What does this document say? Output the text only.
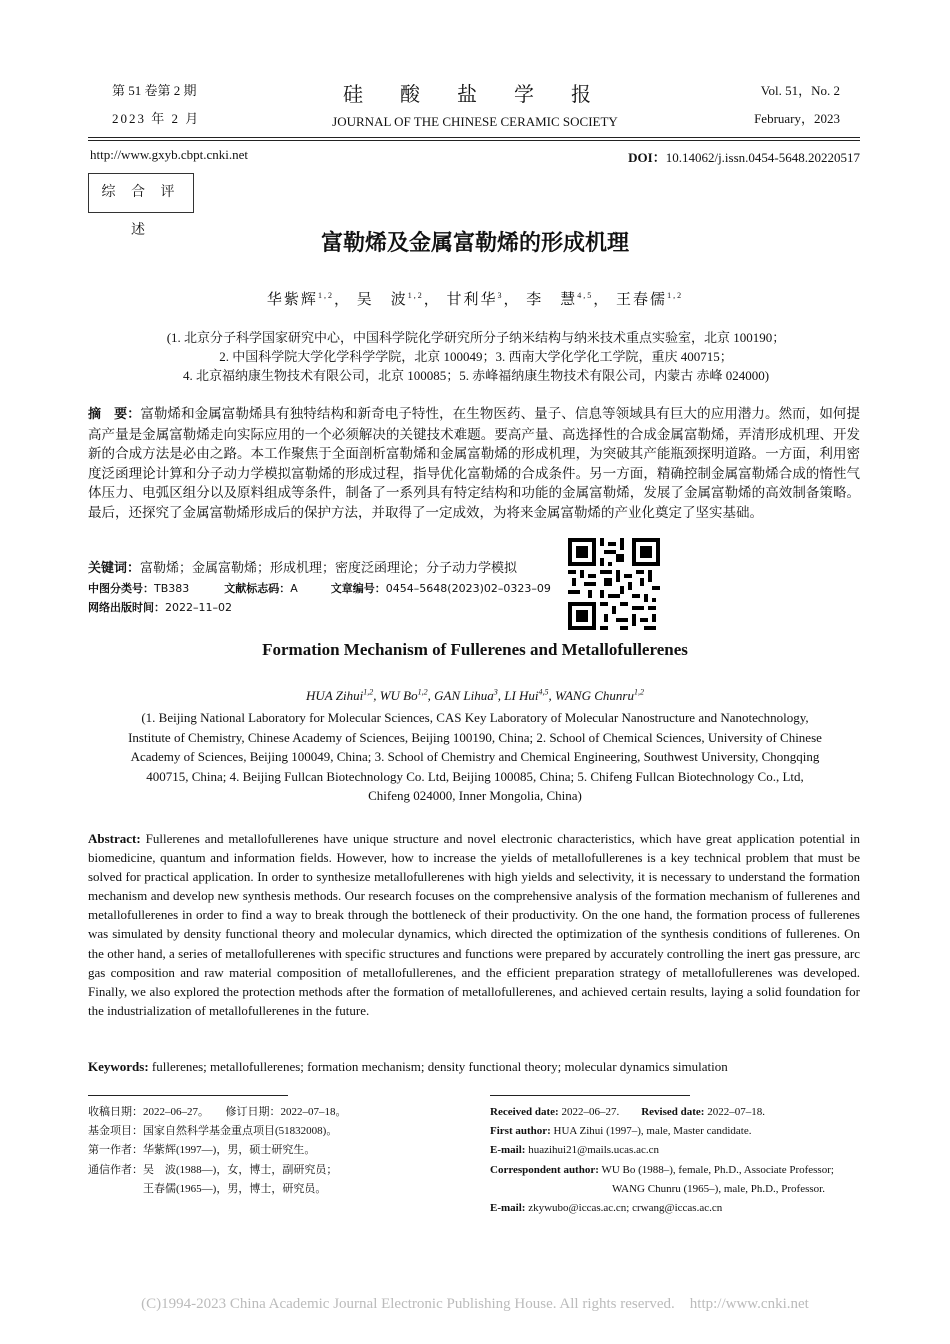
第 51 卷第 2 期
2023 年 2 月
硅 酸 盐 学 报
JOURNAL OF THE CHINESE CERAMIC SOCIETY
Vol. 51，No. 2
February，2023
http://www.gxyb.cbpt.cnki.net	DOI：10.14062/j.issn.0454-5648.20220517
综 合 评 述	富勒烯及金属富勒烯的形成机理
华紫辉$^{1,2}$， 吴　波$^{1,2}$， 甘利华$^3$， 李　慧$^{4,5}$， 王春儒$^{1,2}$
(1. 北京分子科学国家研究中心，中国科学院化学研究所分子纳米结构与纳米技术重点实验室，北京 100190；
2. 中国科学院大学化学科学学院，北京 100049；3. 西南大学化学化工学院，重庆 400715；
4. 北京福纳康生物技术有限公司，北京 100085；5. 赤峰福纳康生物技术有限公司，内蒙古 赤峰 024000)
摘　要：富勒烯和金属富勒烯具有独特结构和新奇电子特性，在生物医药、量子、信息等领域具有巨大的应用潜力。然而，如何提高产量是金属富勒烯走向实际应用的一个必须解决的关键技术难题。要高产量、高选择性的合成金属富勒烯，弄清形成机理、开发新的合成方法是必由之路。本工作聚焦于全面剖析富勒烯和金属富勒烯的形成机理，为突破其产能瓶颈探明道路。一方面，利用密度泛函理论计算和分子动力学模拟富勒烯的形成过程，指导优化富勒烯的合成条件。另一方面，精确控制金属富勒烯合成的惰性气体压力、电弧区组分以及原料组成等条件，制备了一系列具有特定结构和功能的金属富勒烯，发展了金属富勒烯的高效制备策略。最后，还探究了金属富勒烯形成后的保护方法，并取得了一定成效，为将来金属富勒烯的产业化奠定了坚实基础。
关键词：富勒烯；金属富勒烯；形成机理；密度泛函理论；分子动力学模拟
中图分类号：TB383	文献标志码：A	文章编号：0454–5648(2023)02–0323–09
网络出版时间：2022–11–02
Formation Mechanism of Fullerenes and Metallofullerenes
HUA Zihui$^{1,2}$, WU Bo$^{1,2}$, GAN Lihua$^3$, LI Hui$^{4,5}$, WANG Chunru$^{1,2}$
(1. Beijing National Laboratory for Molecular Sciences, CAS Key Laboratory of Molecular Nanostructure and Nanotechnology,
Institute of Chemistry, Chinese Academy of Sciences, Beijing 100190, China; 2. School of Chemical Sciences, University of Chinese
Academy of Sciences, Beijing 100049, China; 3. School of Chemistry and Chemical Engineering, Southwest University, Chongqing
400715, China; 4. Beijing Fullcan Biotechnology Co. Ltd, Beijing 100085, China; 5. Chifeng Fullcan Biotechnology Co., Ltd,
Chifeng 024000, Inner Mongolia, China)
Abstract: Fullerenes and metallofullerenes have unique structure and novel electronic characteristics, which have great application potential in biomedicine, quantum and information fields. However, how to increase the yields of metallofullerenes is a key technical problem that must be solved for practical application. In order to synthesize metallofullerenes with high yields and selectivity, it is necessary to understand the formation mechanism and develop new synthesis methods. Our research focuses on the comprehensive analysis of the formation mechanism of fullerenes and metallofullerenes in order to find a way to break through the bottleneck of their productivity. On the one hand, the formation process of fullerenes was simulated by density functional theory and molecular dynamics, which directed the optimization of the synthesis conditions of fullerenes. On the other hand, a series of metallofullerenes with specific structures and functions were prepared by accurately controlling the inert gas pressure, arc gas composition and raw material composition of metallofullerenes, and the efficient preparation strategy of metallofullerenes was developed. Finally, we also explored the protection methods after the formation of metallofullerenes, and achieved certain results, laying a solid foundation for the industrialization of metallofullerenes in the future.
Keywords: fullerenes; metallofullerenes; formation mechanism; density functional theory; molecular dynamics simulation
收稿日期：2022–06–27。　　修订日期：2022–07–18。
基金项目：国家自然科学基金重点项目(51832008)。
第一作者：华紫辉(1997—)，男，硕士研究生。
通信作者：吴　波(1988—)，女，博士，副研究员；
　　　　　王春儒(1965—)，男，博士，研究员。
Received date: 2022–06–27. Revised date: 2022–07–18.
First author: HUA Zihui (1997–), male, Master candidate.
E-mail: huazihui21@mails.ucas.ac.cn
Correspondent author: WU Bo (1988–), female, Ph.D., Associate Professor;
WANG Chunru (1965–), male, Ph.D., Professor.
E-mail: zkywubo@iccas.ac.cn; crwang@iccas.ac.cn
(C)1994-2023 China Academic Journal Electronic Publishing House. All rights reserved.    http://www.cnki.net
